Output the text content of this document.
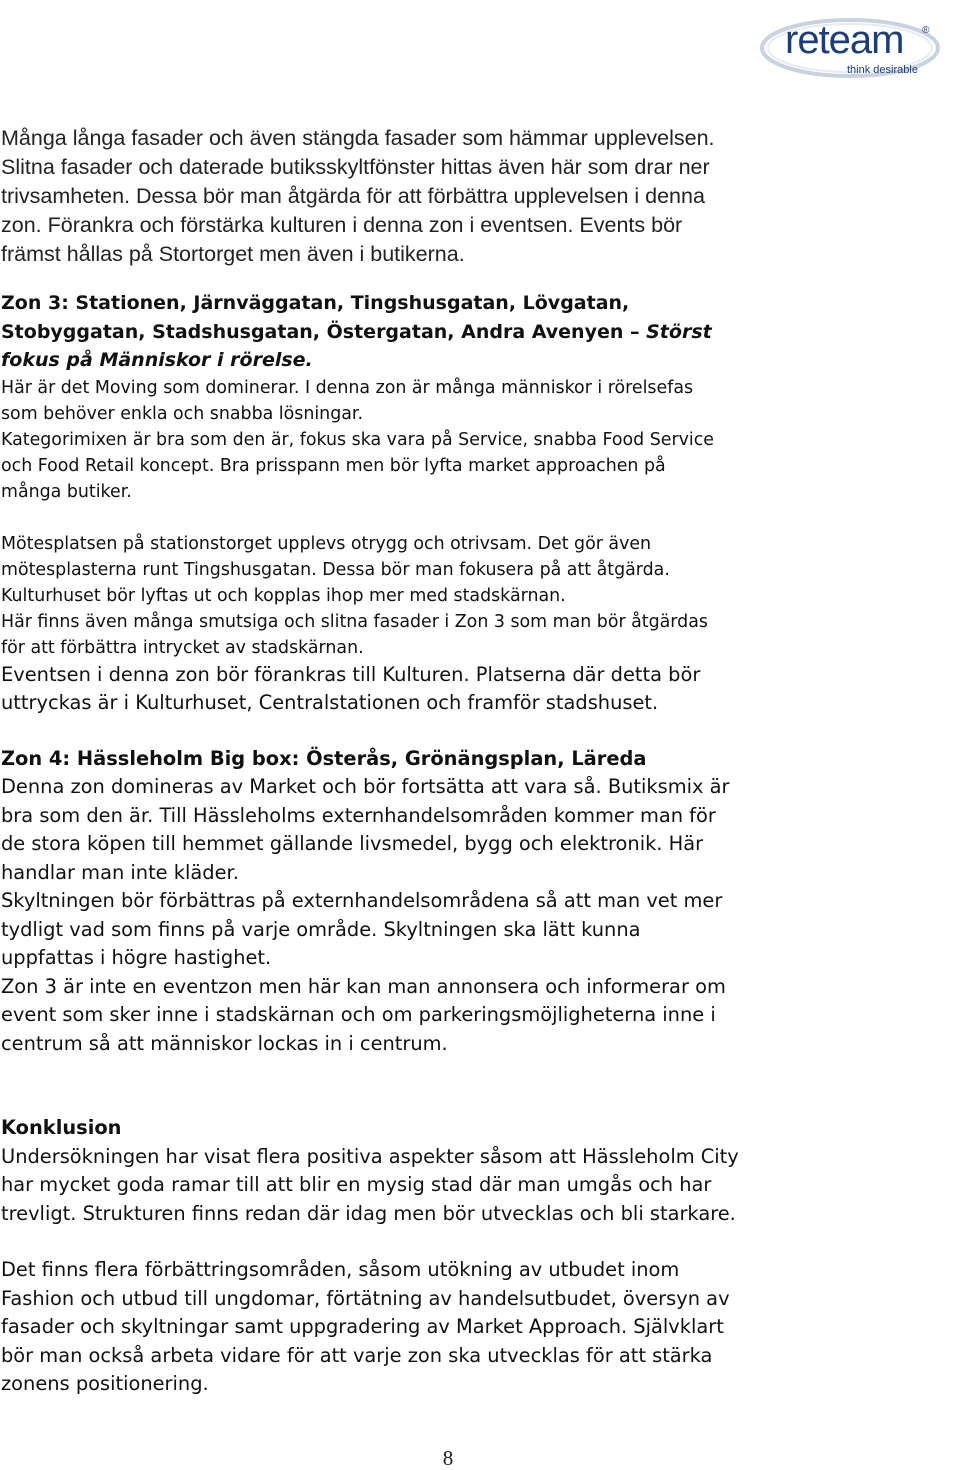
reteam ®
think desirable
Många långa fasader och även stängda fasader som hämmar upplevelsen.
Slitna fasader och daterade butiksskyltfönster hittas även här som drar ner
trivsamheten. Dessa bör man åtgärda för att förbättra upplevelsen i denna
zon. Förankra och förstärka kulturen i denna zon i eventsen. Events bör
främst hållas på Stortorget men även i butikerna.
Zon 3: Stationen, Järnväggatan, Tingshusgatan, Lövgatan,
Stobyggatan, Stadshusgatan, Östergatan, Andra Avenyen – Störst
fokus på Människor i rörelse.
Här är det Moving som dominerar. I denna zon är många människor i rörelsefas
som behöver enkla och snabba lösningar.
Kategorimixen är bra som den är, fokus ska vara på Service, snabba Food Service
och Food Retail koncept. Bra prisspann men bör lyfta market approachen på
många butiker.
Mötesplatsen på stationstorget upplevs otrygg och otrivsam. Det gör även
mötesplasterna runt Tingshusgatan. Dessa bör man fokusera på att åtgärda.
Kulturhuset bör lyftas ut och kopplas ihop mer med stadskärnan.
Här finns även många smutsiga och slitna fasader i Zon 3 som man bör åtgärdas
för att förbättra intrycket av stadskärnan.
Eventsen i denna zon bör förankras till Kulturen. Platserna där detta bör
uttryckas är i Kulturhuset, Centralstationen och framför stadshuset.
Zon 4: Hässleholm Big box: Österås, Grönängsplan, Läreda
Denna zon domineras av Market och bör fortsätta att vara så. Butiksmix är
bra som den är. Till Hässleholms externhandelsområden kommer man för
de stora köpen till hemmet gällande livsmedel, bygg och elektronik. Här
handlar man inte kläder.
Skyltningen bör förbättras på externhandelsområdena så att man vet mer
tydligt vad som finns på varje område. Skyltningen ska lätt kunna
uppfattas i högre hastighet.
Zon 3 är inte en eventzon men här kan man annonsera och informerar om
event som sker inne i stadskärnan och om parkeringsmöjligheterna inne i
centrum så att människor lockas in i centrum.
Konklusion
Undersökningen har visat flera positiva aspekter såsom att Hässleholm City
har mycket goda ramar till att blir en mysig stad där man umgås och har
trevligt. Strukturen finns redan där idag men bör utvecklas och bli starkare.
Det finns flera förbättringsområden, såsom utökning av utbudet inom
Fashion och utbud till ungdomar, förtätning av handelsutbudet, översyn av
fasader och skyltningar samt uppgradering av Market Approach. Självklart
bör man också arbeta vidare för att varje zon ska utvecklas för att stärka
zonens positionering.
8
